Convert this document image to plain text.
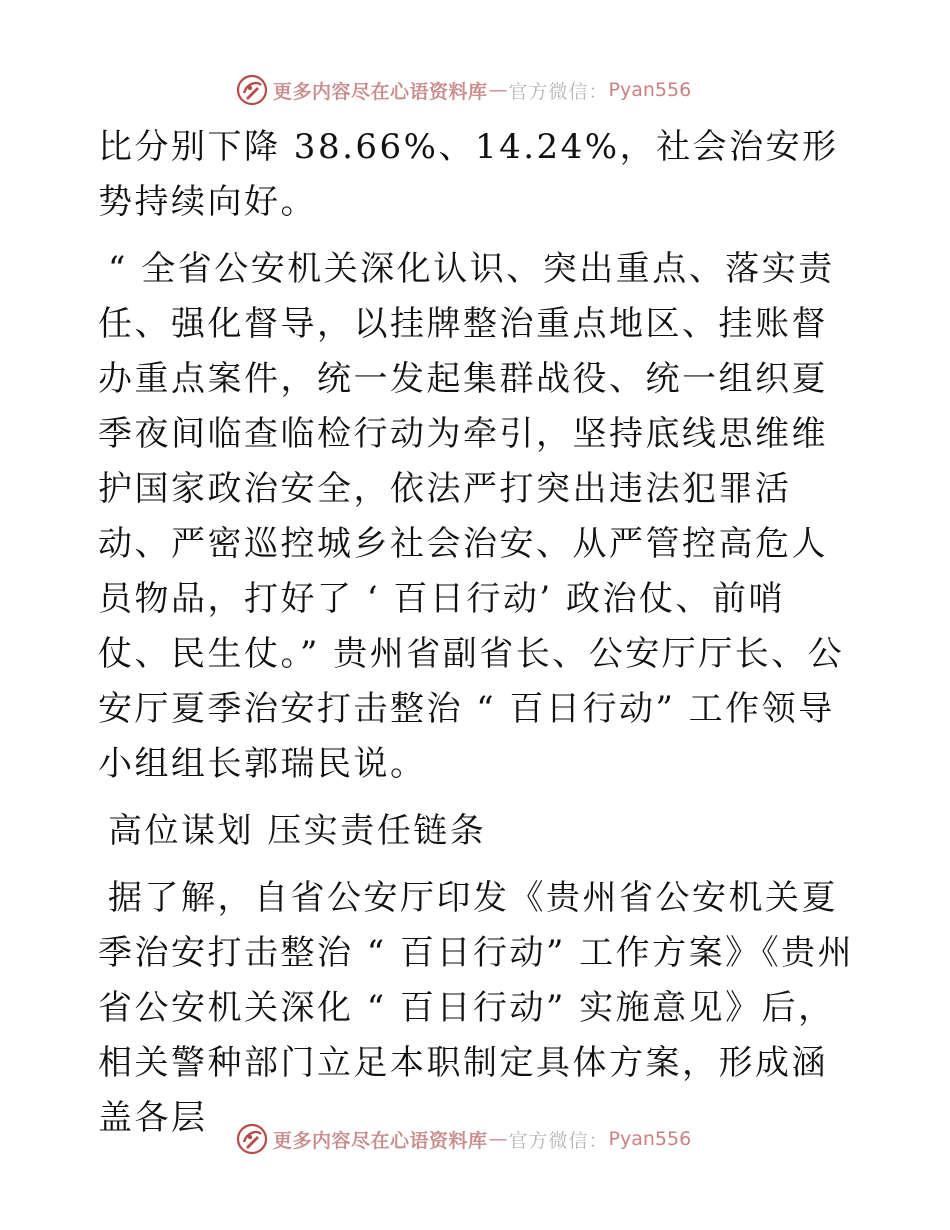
更多内容尽在心语资料库 — 官方微信： Pyan556

比分别下降 38.66%、14.24%，社会治安形势持续向好。

“ 全省公安机关深化认识、突出重点、落实责任、强化督导，以挂牌整治重点地区、挂账督办重点案件，统一发起集群战役、统一组织夏季夜间临查临检行动为牵引，坚持底线思维维护国家政治安全，依法严打突出违法犯罪活动、严密巡控城乡社会治安、从严管控高危人员物品，打好了 ‘ 百日行动’ 政治仗、前哨仗、民生仗。” 贵州省副省长、公安厅厅长、公安厅夏季治安打击整治 “ 百日行动” 工作领导小组组长郭瑞民说。

高位谋划 压实责任链条

据了解，自省公安厅印发《贵州省公安机关夏季治安打击整治 “ 百日行动” 工作方案》《贵州省公安机关深化 “ 百日行动” 实施意见》后，相关警种部门立足本职制定具体方案，形成涵盖各层

更多内容尽在心语资料库 — 官方微信： Pyan556
